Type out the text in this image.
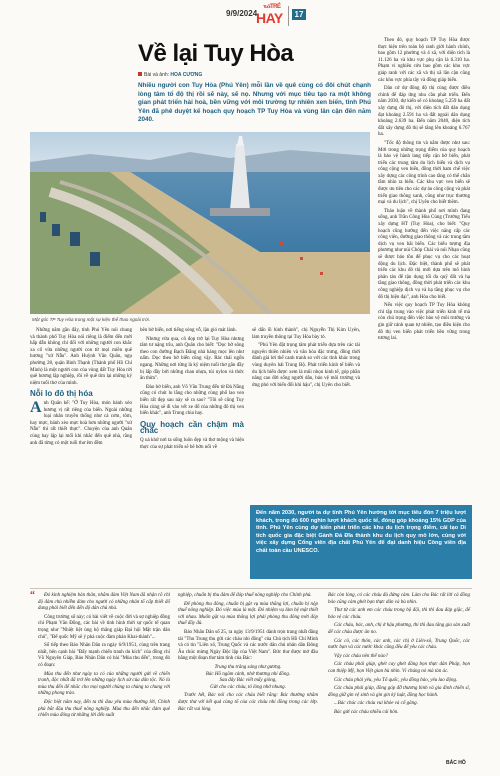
9/9/2024
Tuổi TRẺ
HAY	17
Về lại Tuy Hòa
Bài và ảnh: HOA CƯƠNG
Nhiều người con Tuy Hòa (Phú Yên) mỗi lần về quê cùng có đôi chút chạnh lòng tâm tổ độ thị rồi sẽ này, sẽ nọ. Nhưng với mục tiêu tạo ra một không gian phát triển hài hoà, bền vững với môi trường tự nhiên xen biển, tỉnh Phú Yên đã phê duyệt kế hoạch quy hoạch TP Tuy Hòa và vùng lân cận đến năm 2040.
Một góc TP Tuy Hòa trong một sự kiện thể thao ngoài trời.

Theo đó, quy hoạch TP Tuy Hòa được thực hiện trên toàn bộ ranh giới hành chính, bao gồm 12 phường và 4 xã, với diện tích là 11.126 ha và khu vực phụ cận là 6.310 ha. Phạm vi nghiên cứu bao gồm các khu vực giáp ranh với các xã và thị xã lân cận cũng các khu vực phía tây và đồng giáp biển.

Dân cứ dự đồng độ thị cùng được điều chỉnh để đáp ứng nhu cầu phát triển. Đến năm 2030, dự kiến sẽ có khoảng 5.259 ha đất xây dựng đô thị, với diện tích đất dân dụng đạt khoảng 2.591 ha và đất ngoài dân dụng khoảng 2.639 ha. Đến năm 2040, diện tích đất xây dựng đô thị sẽ tăng lên khoảng 6.767 ha.

"Tốc độ thông tin và nắm được như sau: Mới trong những trọng điểm của quy hoạch là bảo vệ hành lang tiếp cận bờ biển, phát triển các trung tâm du lịch biển và dịch vụ công cộng ven biển, đồng thời ham chế việc xây dựng các công trình cao tầng có thể chắn tầm nhìn ra biển. Các khu vực ven biển sẽ được ưu tiên cho các dự án công cộng và phát triển giao thông xanh, cũng như trục thương mại và du lịch", chị Uyên cho biết thêm.

Thảo luận về thành phố nơi mình đang sống, anh Trần Công Hòa Cùng (Trường Tiểu xây dựng HT (Tuy Hòa), cho biết: "Quy hoạch cũng hướng đến việc nâng cấp các công viên, đường giao thông và các trung tâm dịch vụ ven bãi biển. Các biểu tượng địa phương như núi Chóp Chài và núi Nhạn cũng sẽ được bảo tồn để phục vụ cho các hoạt động du lịch. Đặc biệt, thành phố sẽ phát triển các khu đô thị mới dựa trên mô hình phân tán để tận dụng tối đa quỹ đất và hạ tầng giao thông, đồng thời phát triển các khu công nghiệp dịch vụ và hạ tầng phục vụ cho đô thị hiện đại", anh Hòa cho biết.

Nếu việc quy hoạch TP Tuy Hòa không chỉ tập trung vào việc phát triển kinh tế mà còn chú trọng đến việc bảo vệ môi trường và gìn giữ cảnh quan tự nhiên, tạo điều kiện cho đô thị ven biển phát triển bền vững trong tương lai.

Những năm gần đây, tỉnh Phú Yên nói chung và thành phố Tuy Hòa nói riêng là điểm đến mới hấp dẫn không chỉ đối với những người con khắc xa cố vừa những người con từ mọi miền quê hương "xứ Nẫu". Anh Huỳnh Văn Quân, ngụ phường 28, quận Bình Thạnh (Thành phố Hồ Chí Minh) là một người con của vùng đất Tuy Hòa rời quê hương lập nghiệp, rồi về quê tìm lại những ký niệm tuổi thơ của mình.

Nỗi lo đô thị hóa

Anh Quân kể: "Ở Tuy Hòa, món bánh xèo hương vị rất riêng của biển. Ngoài những loại nhân truyền thống như cá cơm, tôm, hay mực, bánh xèo mực hoà hơn những người "xứ Nẫu" thì rất thiết thực". Chuyện của anh Quân cùng hay lập lại mối khi nhắc đến quê nhà, rằng anh đã từng có một tuổi thơ êm đềm

bên bờ biển, nơi tiếng sóng vỗ, lặn gió mát lành.

Nhưng vừa qua, cô đọp trở lại Tuy Hòa nhưng tâm tư nặng trĩu, anh Quân cho biết: "Dọc bờ sông theo con đường Bạch Đằng nhà hàng mọc lên như nấm. Dọc theo bờ biển cũng vậy. Rác thải ngổn ngang. Những nơi từng là ký niệm tuổi thơ gắn đầy bị lấp đầy bởi những chan nhựa, túi nylon và thức ăn thừa".

Đào bờ biển, anh Võ Văn Trung đến từ Đà Nẵng cũng có chút lo lắng cho những cùng phố lao ven biển rất đẹp sau này sẽ ra sao? "Tôi sẽ cũng Tuy Hòa cùng sẽ đi vào vết xe đổ của những đô thị ven biển khác", anh Trung chia hay.

Quy hoạch cần chậm mà chắc

Q uá khứ nơi ta sống luôn đẹp và thơ mộng và hiện thực của sự phát triển sẽ bê bớn nổi về

sẽ dấn ổi hình thành", chị Nguyễn Thị Kim Uyên, làm truyền thông tại Tuy Hòa bày tỏ.

"Phú Yên đặt trọng tâm phát triển dựa trên các tài nguyên thiên nhiên và văn hóa đặc trưng, đồng thời đánh giá lơi thế canh tranh so với các tỉnh khác trong vùng duyên hải Trung Bộ. Phát triển kinh tế biển và du lịch biển được xem là mũi nhọn kinh tế, góp phần nâng cao đời sống người dân, bảo vệ môi trường và ứng phó với biến đổi khí hậu", chị Uyên cho biết.

Đến năm 2030, người ta dự tính Phú Yên hướng tới mục tiêu đón 7 triệu lượt khách, trong đó 600 nghìn lượt khách quốc tế, đóng góp khoảng 15% GDP của tỉnh. Phú Yên cùng dự kiến phát triển các khu du lịch trọng điểm, cải tạo Di tích quốc gia đặc biệt Gành Đá Đĩa thành khu du lịch quy mô lớn, cùng với việc xây dựng Cổng viên địa chất Phú Yên để đạt danh hiệu Công viên địa chất toàn cầu UNESCO.
“	Đó kinh nghiệm bản thân, nhằm đảm Việt Nam đã nhận rõ chỉ độ đảm chủ nhiễm đảm cho người có những nhân tố cấp thiết đổ đang phải biết đến đến độ dân chủ nhà.

Công trường số này; có bài viết về cuộc đời và sự nghiệp đồng chí Phạm Văn Đồng, các bài về tình hình thời sự quốc tế quan trọng như "Nhiệt liệt ủng hộ thắng giáp Đại hội Mặt trận dân chủ", "Để quốc Mỹ sẽ ý phá cuộc đàm phán Khai-thành"...

Số tiếp theo Báo Nhân Dân ra ngày 6/9/1951, cùng trên trang nhất, bên cạnh bài "Đẩy mạnh chiến tranh du kích" của đồng chí Võ Nguyên Giáp, Báo Nhân Dân có bài "Mùa thu đến", trong đó có đoạn:

Mùa thu đến như ngày ta có của những người gửi về chiến tranh, độc nhất đã trở lên những ngày lịch sử của dân tộc. Nó là mùa thu đến để nhắc cho mọi người chúng ta chúng ta chung với những phong trào.

Độc biệt năm nay, đến ta thì đau yêu mùa thường lời, Chính phủ bắt đầu thu thuế nông nghiệp. Mùa thu đến nhắc đảm quê chiến mùa đông từ những lời đến xuất

nghiệp, chuẩn bị thu đảm để đóp thuế nông nghiệp cho Chính phủ.

Để phòng thu đông, chuẩn bị gặt vụ mùa thắng lợi, chuẩn bị nộp thuế nông nghiệp. Đó việc mùa là một. Đó nhiệm vụ làm hệ mật thiết với nhau. Muốn gặt vụ mùa thắng lợi phải phòng thu đông mới đóp thuế đầy đủ.

Báo Nhân Dân số 25, ra ngày 13/9/1951 dành trọn trang nhất đăng tài "Thu Trung thu gửi các cháu nhi đồng" của Chủ tịch Hồ Chí Minh và có tin "Liên xô, Trung Quốc và các nước dân chủ nhân dân Đông Âu chúc mừng Ngày Độc lập của Việt Nam". Bức thư được mở đầu bằng một đoạn thơ tám tình của Bác:

Trung thu trăng sáng như gương.

Bác Hồ ngắm cảnh, nhớ thương nhi đồng.

Sau đây Bác viết mấy giòng,

Gửi cho các cháu, tỏ lòng nhớ nhung.

Trước hết, Bác nói cho các cháu biết rằng: Bác thường nhắm được thư với kết quả cùng tổ của các cháu nhi đồng trong các lớp. Bác rất vui lòng.

Bác còn lòng, có các cháu đủ đứng cảm. Làm cho Bác rất lời cả đồng bảo cũng cảm ghét bạn thực dân và bù nhìn.

Thư từ các anh em các cháu trong bộ đội, thì thì đau đáp giặc, để bảo vệ các cháu.

Các cháu, bác, anh, chị ở hậu phương, thi thì đau tăng gia sản xuất để các chàu được ăn no.

Các cô, các thôn, các anh, các chị ở Liên-xô, Trung Quốc, các nước bạn và các nước khác cũng đều để yêu các cháu.

Vậy các cháu nên thế nào?

Các cháu phải giúp, ghét cay ghét đắng bọn thực dân Pháp, bọn can thiệp Mỹ, bọn Việt gian bù nhìn. Vì chúng nó mà tàn ác.

Các cháu phải yêu, yêu Tổ quốc, yêu đồng bào, yêu lao động.

Các cháu phải giúp, đồng góp đỡ thương bình và gia đình chiến sĩ, đồng giữ gìn vệ sinh và gìn gin kỷ luật, đồng học hành.

...Bác chúc các cháu vui khỏe và cố gắng.

Bác gửi các cháu nhiều cái hôn.

BÁC HỒ
